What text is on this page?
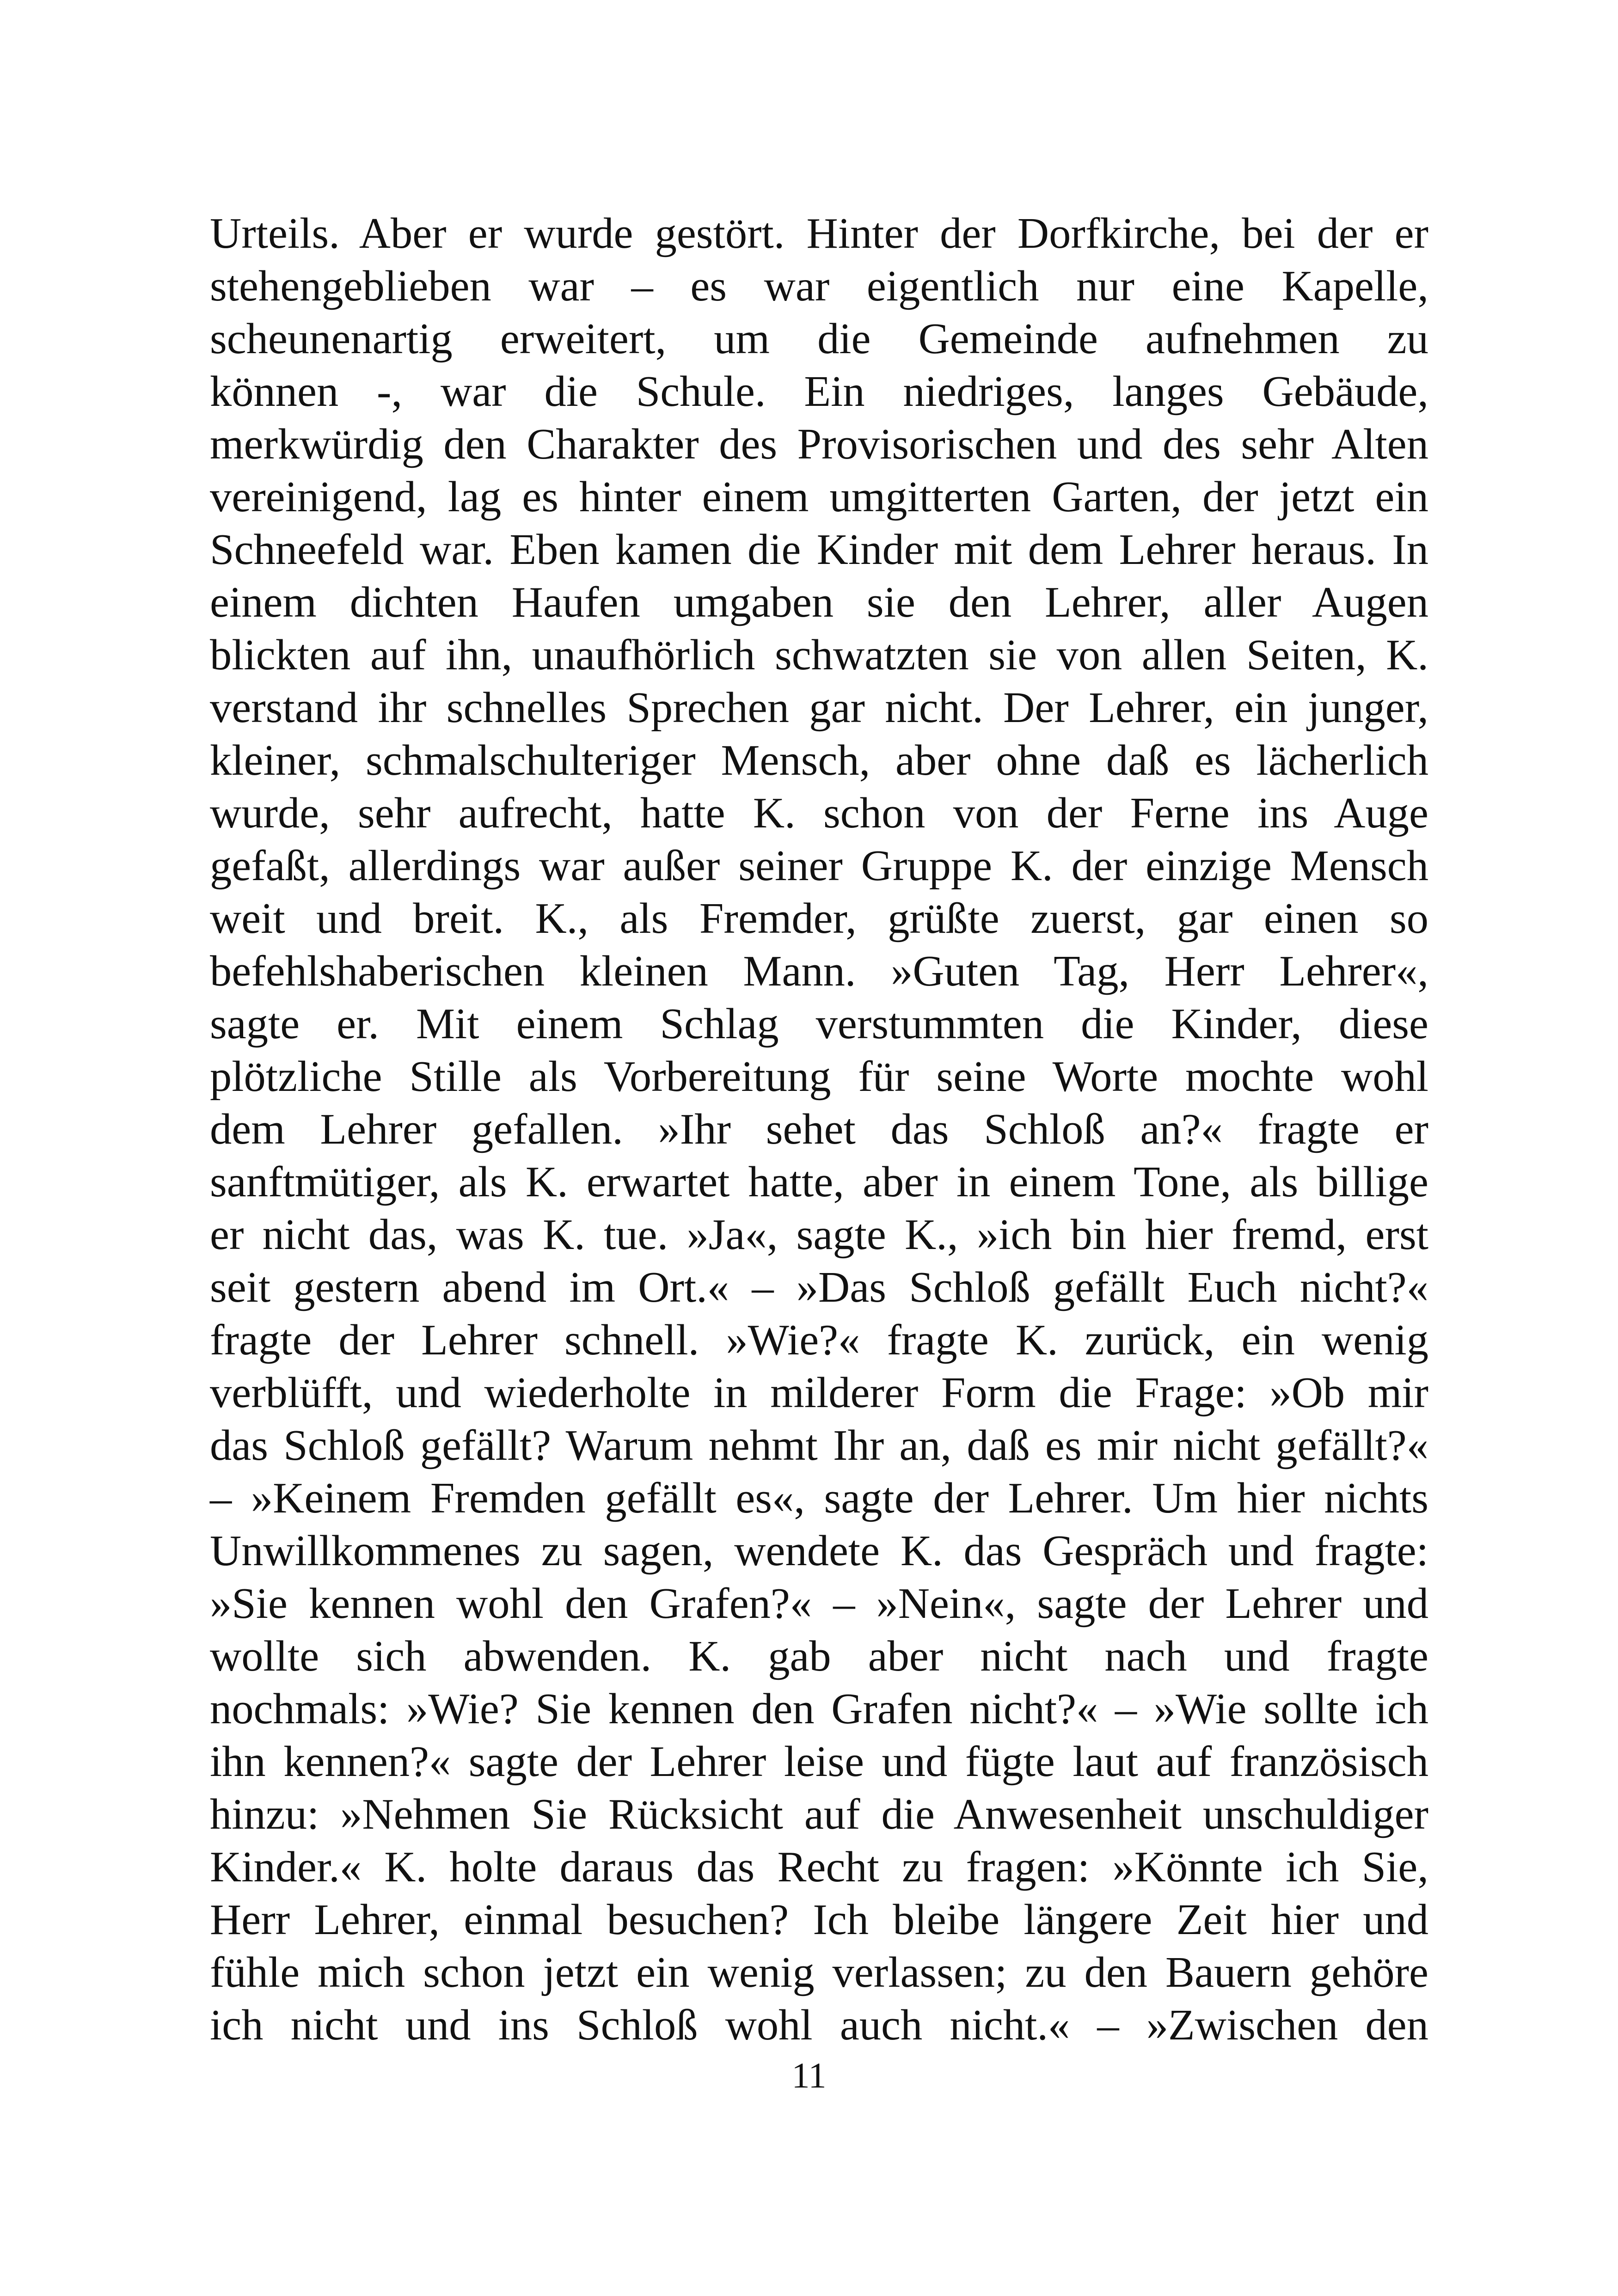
Urteils. Aber er wurde gestört. Hinter der Dorfkirche, bei der er
stehengeblieben war – es war eigentlich nur eine Kapelle,
scheunenartig erweitert, um die Gemeinde aufnehmen zu
können -, war die Schule. Ein niedriges, langes Gebäude,
merkwürdig den Charakter des Provisorischen und des sehr Alten
vereinigend, lag es hinter einem umgitterten Garten, der jetzt ein
Schneefeld war. Eben kamen die Kinder mit dem Lehrer heraus. In
einem dichten Haufen umgaben sie den Lehrer, aller Augen
blickten auf ihn, unaufhörlich schwatzten sie von allen Seiten, K.
verstand ihr schnelles Sprechen gar nicht. Der Lehrer, ein junger,
kleiner, schmalschulteriger Mensch, aber ohne daß es lächerlich
wurde, sehr aufrecht, hatte K. schon von der Ferne ins Auge
gefaßt, allerdings war außer seiner Gruppe K. der einzige Mensch
weit und breit. K., als Fremder, grüßte zuerst, gar einen so
befehlshaberischen kleinen Mann. »Guten Tag, Herr Lehrer«,
sagte er. Mit einem Schlag verstummten die Kinder, diese
plötzliche Stille als Vorbereitung für seine Worte mochte wohl
dem Lehrer gefallen. »Ihr sehet das Schloß an?« fragte er
sanftmütiger, als K. erwartet hatte, aber in einem Tone, als billige
er nicht das, was K. tue. »Ja«, sagte K., »ich bin hier fremd, erst
seit gestern abend im Ort.« – »Das Schloß gefällt Euch nicht?«
fragte der Lehrer schnell. »Wie?« fragte K. zurück, ein wenig
verblüfft, und wiederholte in milderer Form die Frage: »Ob mir
das Schloß gefällt? Warum nehmt Ihr an, daß es mir nicht gefällt?«
– »Keinem Fremden gefällt es«, sagte der Lehrer. Um hier nichts
Unwillkommenes zu sagen, wendete K. das Gespräch und fragte:
»Sie kennen wohl den Grafen?« – »Nein«, sagte der Lehrer und
wollte sich abwenden. K. gab aber nicht nach und fragte
nochmals: »Wie? Sie kennen den Grafen nicht?« – »Wie sollte ich
ihn kennen?« sagte der Lehrer leise und fügte laut auf französisch
hinzu: »Nehmen Sie Rücksicht auf die Anwesenheit unschuldiger
Kinder.« K. holte daraus das Recht zu fragen: »Könnte ich Sie,
Herr Lehrer, einmal besuchen? Ich bleibe längere Zeit hier und
fühle mich schon jetzt ein wenig verlassen; zu den Bauern gehöre
ich nicht und ins Schloß wohl auch nicht.« – »Zwischen den
11
